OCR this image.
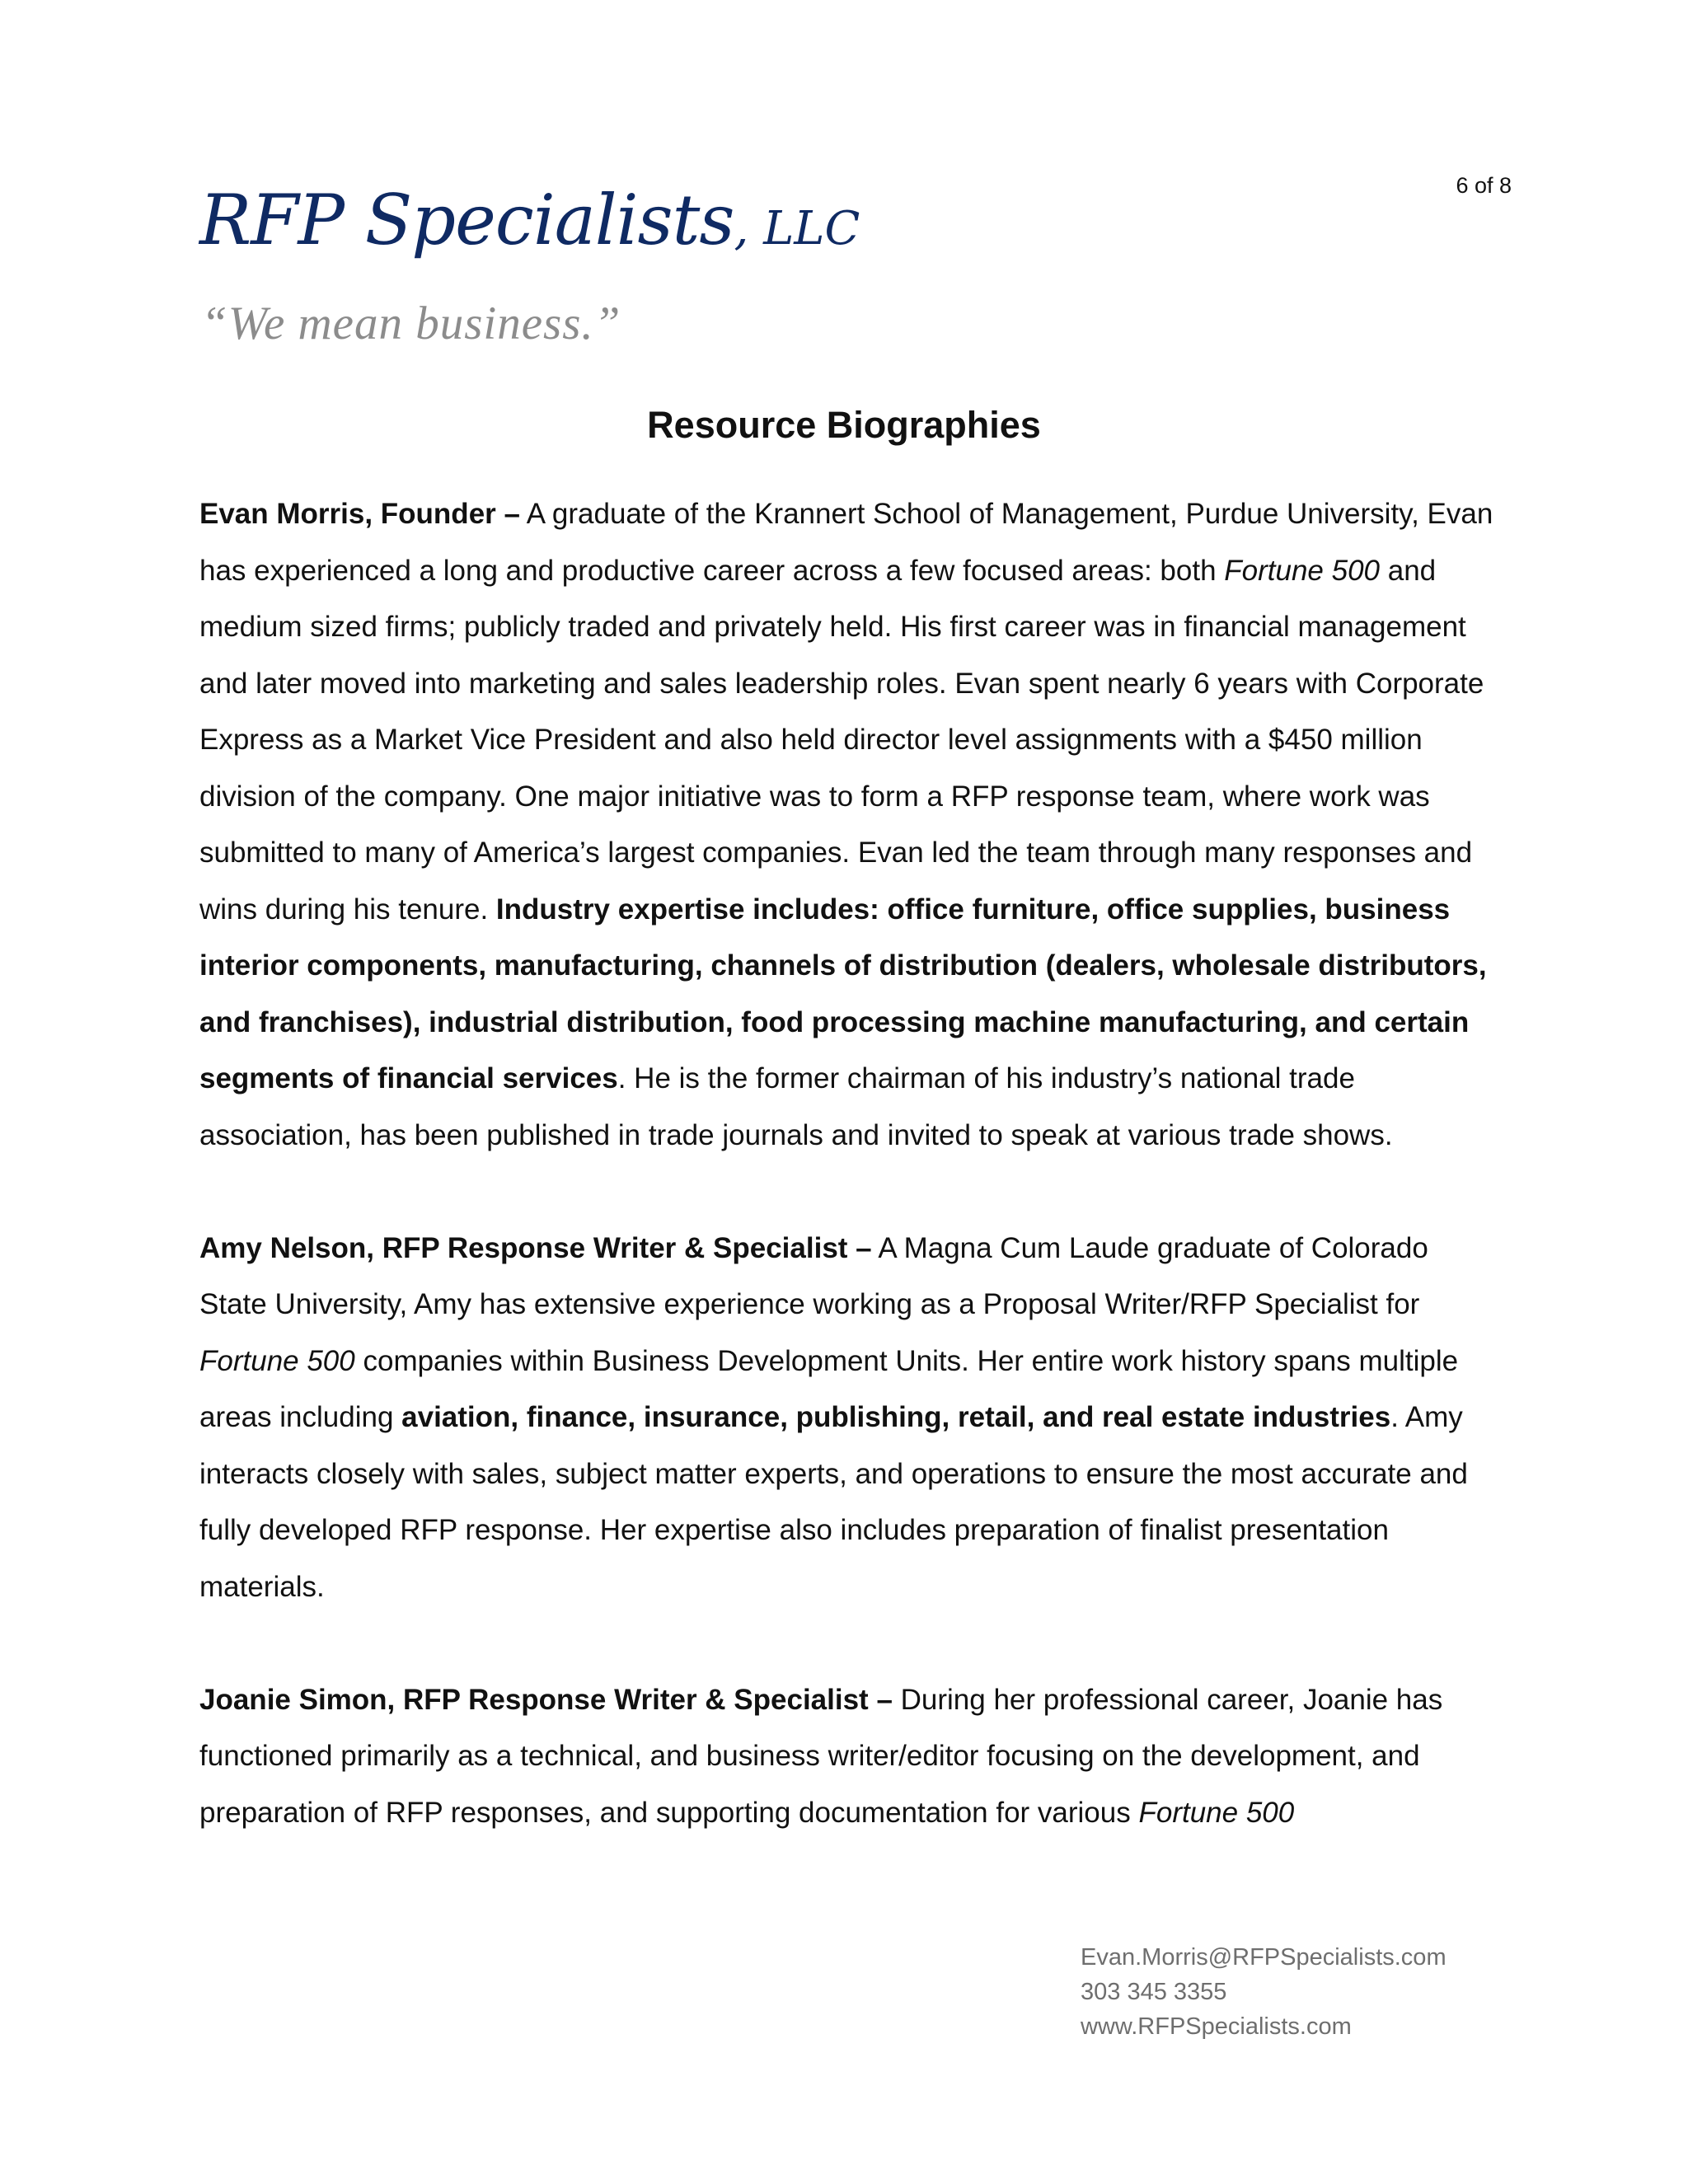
6 of 8
RFP Specialists, LLC
“We mean business.”
Resource Biographies

Evan Morris, Founder – A graduate of the Krannert School of Management, Purdue University, Evan has experienced a long and productive career across a few focused areas: both Fortune 500 and medium sized firms; publicly traded and privately held. His first career was in financial management and later moved into marketing and sales leadership roles. Evan spent nearly 6 years with Corporate Express as a Market Vice President and also held director level assignments with a $450 million division of the company. One major initiative was to form a RFP response team, where work was submitted to many of America’s largest companies. Evan led the team through many responses and wins during his tenure. Industry expertise includes: office furniture, office supplies, business interior components, manufacturing, channels of distribution (dealers, wholesale distributors, and franchises), industrial distribution, food processing machine manufacturing, and certain segments of financial services. He is the former chairman of his industry’s national trade association, has been published in trade journals and invited to speak at various trade shows.

Amy Nelson, RFP Response Writer & Specialist – A Magna Cum Laude graduate of Colorado State University, Amy has extensive experience working as a Proposal Writer/RFP Specialist for Fortune 500 companies within Business Development Units. Her entire work history spans multiple areas including aviation, finance, insurance, publishing, retail, and real estate industries. Amy interacts closely with sales, subject matter experts, and operations to ensure the most accurate and fully developed RFP response. Her expertise also includes preparation of finalist presentation materials.

Joanie Simon, RFP Response Writer & Specialist – During her professional career, Joanie has functioned primarily as a technical, and business writer/editor focusing on the development, and preparation of RFP responses, and supporting documentation for various Fortune 500

Evan.Morris@RFPSpecialists.com
303 345 3355
www.RFPSpecialists.com
